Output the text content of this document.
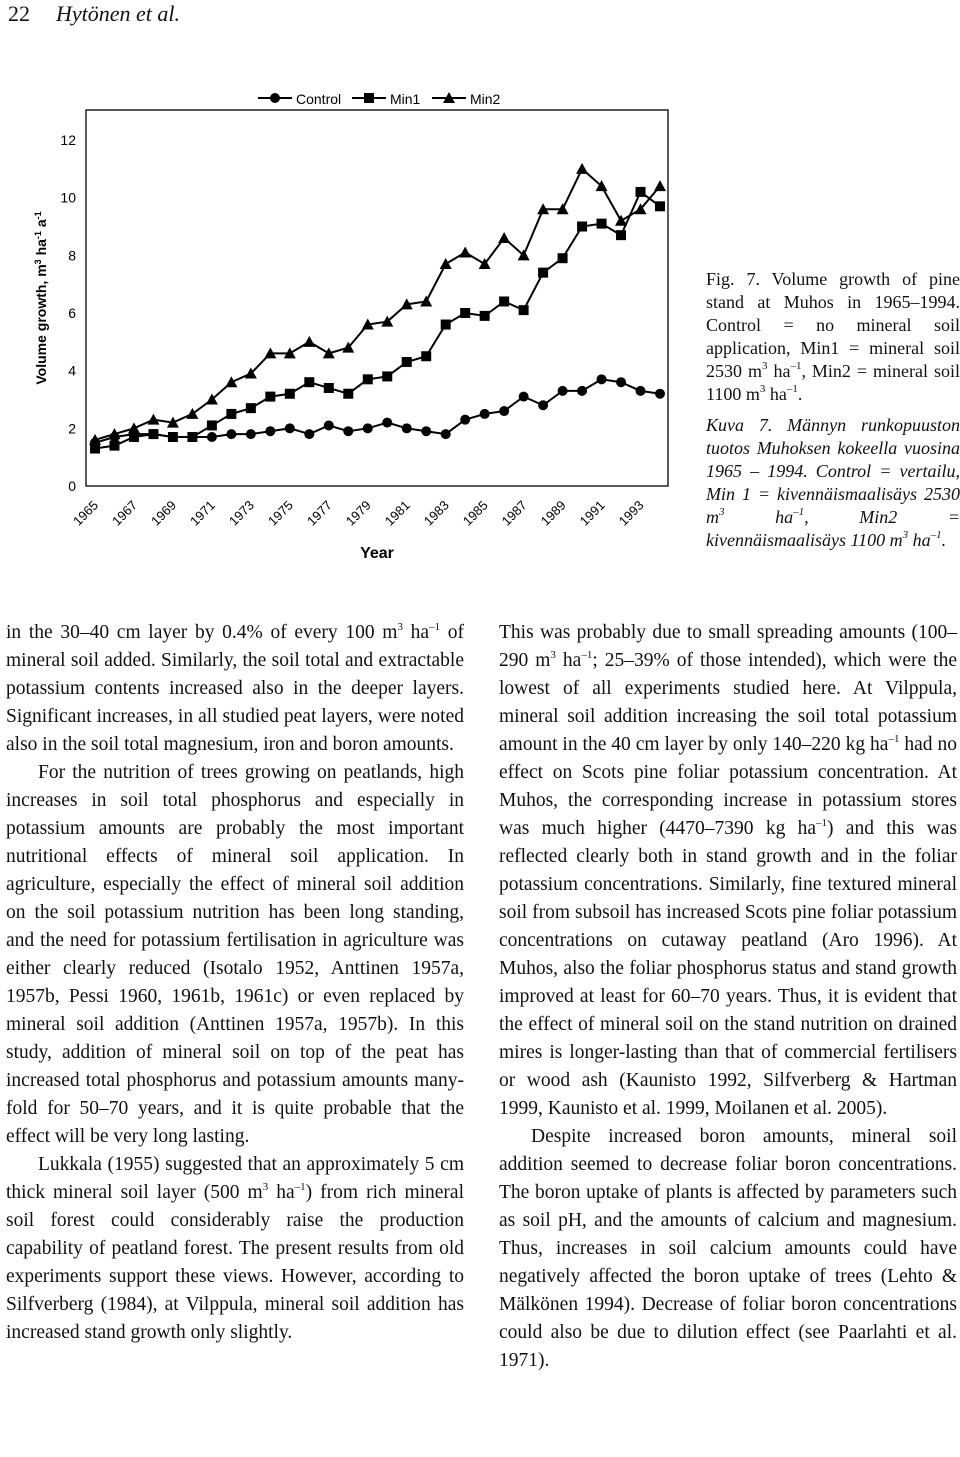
22 Hytönen et al.
Control	Min1	Min2
0
2
4
6
8
10
12
1965 1967 1969 1971 1973 1975 1977 1979 1981 1983 1985 1987 1989 1991 1993
Year
Volume growth, $m^3$ $ha^{-1}$ $a^{-1}$

Fig. 7. Volume growth of pine stand at Muhos in 1965–1994. Control = no mineral soil application, Min1 = mineral soil 2530 $m^3$ $ha^{-1}$, Min2 = mineral soil 1100 $m^3$ $ha^{-1}$.

Kuva 7. Männyn runkopuuston tuotos Muhoksen kokeella vuosina 1965 – 1994. Control = vertailu, Min 1 = kivennäismaalisäys 2530 $m^3$ $ha^{-1}$, Min2 = kivennäismaalisäys 1100 $m^3$ $ha^{-1}$.

in the 30–40 cm layer by 0.4% of every 100 $m^3$ $ha^{-1}$ of mineral soil added. Similarly, the soil total and extractable potassium contents increased also in the deeper layers. Significant increases, in all studied peat layers, were noted also in the soil total magnesium, iron and boron amounts.

For the nutrition of trees growing on peatlands, high increases in soil total phosphorus and especially in potassium amounts are probably the most important nutritional effects of mineral soil application. In agriculture, especially the effect of mineral soil addition on the soil potassium nutrition has been long standing, and the need for potassium fertilisation in agriculture was either clearly reduced (Isotalo 1952, Anttinen 1957a, 1957b, Pessi 1960, 1961b, 1961c) or even replaced by mineral soil addition (Anttinen 1957a, 1957b). In this study, addition of mineral soil on top of the peat has increased total phosphorus and potassium amounts many-fold for 50–70 years, and it is quite probable that the effect will be very long lasting.

Lukkala (1955) suggested that an approximately 5 cm thick mineral soil layer (500 $m^3$ $ha^{-1}$) from rich mineral soil forest could considerably raise the production capability of peatland forest. The present results from old experiments support these views. However, according to Silfverberg (1984), at Vilppula, mineral soil addition has increased stand growth only slightly.

This was probably due to small spreading amounts (100–290 $m^3$ $ha^{-1}$; 25–39% of those intended), which were the lowest of all experiments studied here. At Vilppula, mineral soil addition increasing the soil total potassium amount in the 40 cm layer by only 140–220 kg $ha^{-1}$ had no effect on Scots pine foliar potassium concentration. At Muhos, the corresponding increase in potassium stores was much higher (4470–7390 kg $ha^{-1}$) and this was reflected clearly both in stand growth and in the foliar potassium concentrations. Similarly, fine textured mineral soil from subsoil has increased Scots pine foliar potassium concentrations on cutaway peatland (Aro 1996). At Muhos, also the foliar phosphorus status and stand growth improved at least for 60–70 years. Thus, it is evident that the effect of mineral soil on the stand nutrition on drained mires is longer-lasting than that of commercial fertilisers or wood ash (Kaunisto 1992, Silfverberg & Hartman 1999, Kaunisto et al. 1999, Moilanen et al. 2005).

Despite increased boron amounts, mineral soil addition seemed to decrease foliar boron concentrations. The boron uptake of plants is affected by parameters such as soil pH, and the amounts of calcium and magnesium. Thus, increases in soil calcium amounts could have negatively affected the boron uptake of trees (Lehto & Mälkönen 1994). Decrease of foliar boron concentrations could also be due to dilution effect (see Paarlahti et al. 1971).
